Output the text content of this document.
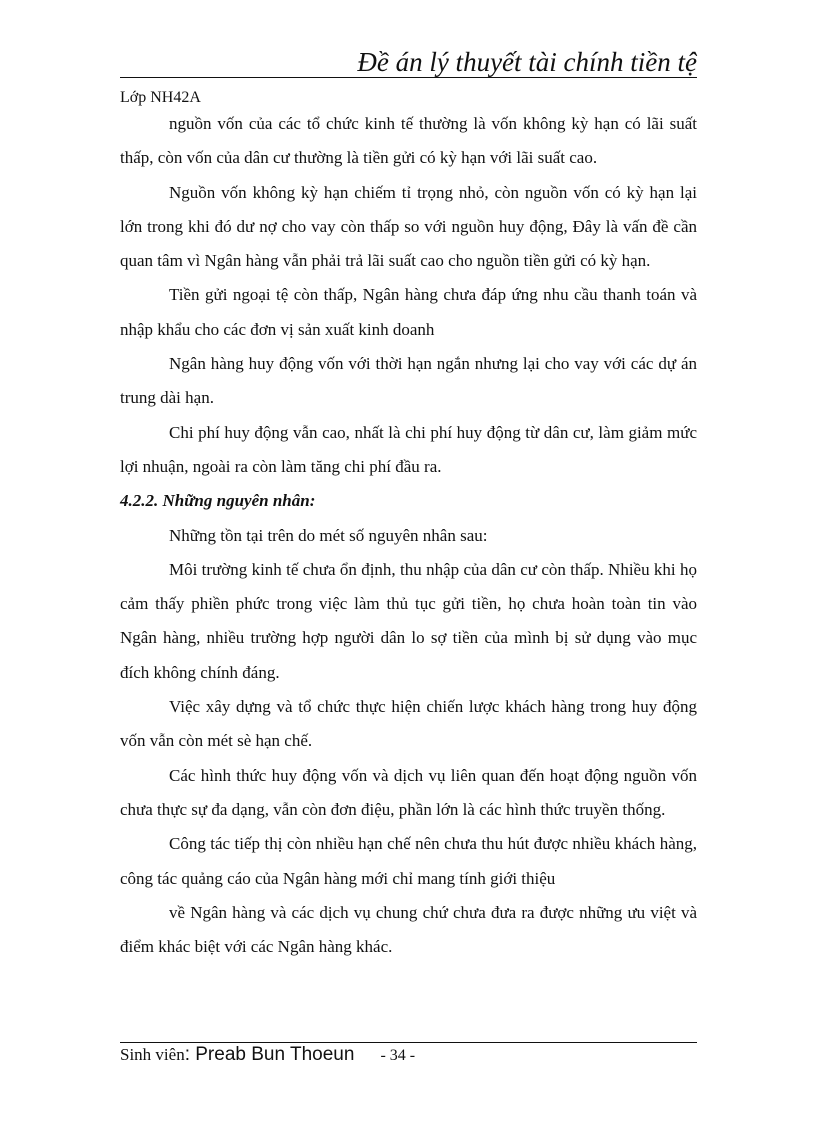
Đề án lý thuyết tài chính tiền tệ
Lớp NH42A

nguồn vốn của các tổ chức kinh tế thường là vốn không kỳ hạn có lãi suất thấp, còn vốn của dân cư thường là tiền gửi có kỳ hạn với lãi suất cao.

Nguồn vốn không kỳ hạn chiếm tỉ trọng nhỏ, còn nguồn vốn có kỳ hạn lại lớn trong khi đó dư nợ cho vay còn thấp so với nguồn huy động, Đây là vấn đề cần quan tâm vì Ngân hàng vẫn phải trả lãi suất cao cho nguồn tiền gửi có kỳ hạn.

Tiền gửi ngoại tệ còn thấp, Ngân hàng chưa đáp ứng nhu cầu thanh toán và nhập khẩu cho các đơn vị sản xuất kinh doanh

Ngân hàng huy động vốn với thời hạn ngắn nhưng lại cho vay với các dự án trung dài hạn.

Chi phí huy động vẫn cao, nhất là chi phí huy động từ dân cư, làm giảm mức lợi nhuận, ngoài ra còn làm tăng chi phí đầu ra.

4.2.2. Những nguyên nhân:

Những tồn tại trên do mét số nguyên nhân sau:

Môi trường kinh tế chưa ổn định, thu nhập của dân cư còn thấp. Nhiều khi họ cảm thấy phiền phức trong việc làm thủ tục gửi tiền, họ chưa hoàn toàn tin vào Ngân hàng, nhiều trường hợp người dân lo sợ tiền của mình bị sử dụng vào mục đích không chính đáng.

Việc xây dựng và tổ chức thực hiện chiến lược khách hàng trong huy động vốn vẫn còn mét sè hạn chế.

Các hình thức huy động vốn và dịch vụ liên quan đến hoạt động nguồn vốn chưa thực sự đa dạng, vẫn còn đơn điệu, phần lớn là các hình thức truyền thống.

Công tác tiếp thị còn nhiều hạn chế nên chưa thu hút được nhiều khách hàng, công tác quảng cáo của Ngân hàng mới chỉ mang tính giới thiệu

về Ngân hàng và các dịch vụ chung chứ chưa đưa ra được những ưu việt và điểm khác biệt với các Ngân hàng khác.

Sinh viên: Preab Bun Thoeun - 34 -
